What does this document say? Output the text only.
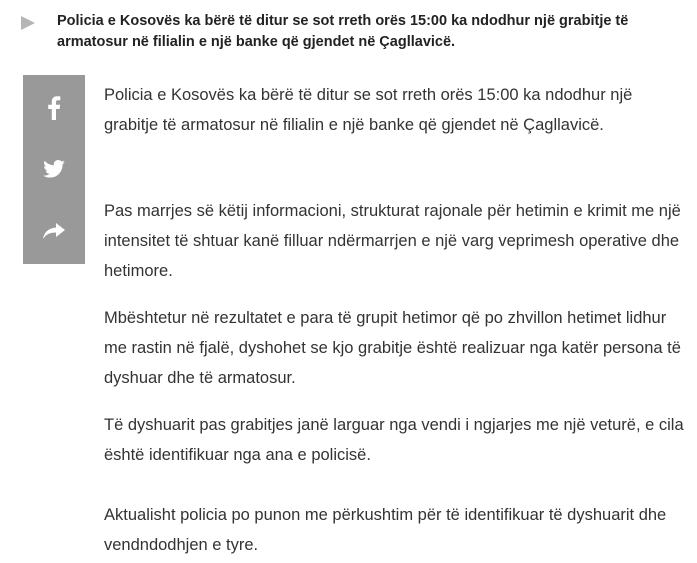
Policia e Kosovës ka bërë të ditur se sot rreth orës 15:00 ka ndodhur një grabitje të armatosur në filialin e një banke që gjendet në Çagllavicë.

Policia e Kosovës ka bërë të ditur se sot rreth orës 15:00 ka ndodhur një grabitje të armatosur në filialin e një banke që gjendet në Çagllavicë.

Pas marrjes së këtij informacioni, strukturat rajonale për hetimin e krimit me një intensitet të shtuar kanë filluar ndërmarrjen e një varg veprimesh operative dhe hetimore.

Mbështetur në rezultatet e para të grupit hetimor që po zhvillon hetimet lidhur me rastin në fjalë, dyshohet se kjo grabitje është realizuar nga katër persona të dyshuar dhe të armatosur.

Të dyshuarit pas grabitjes janë larguar nga vendi i ngjarjes me një veturë, e cila është identifikuar nga ana e policisë.

Aktualisht policia po punon me përkushtim për të identifikuar të dyshuarit dhe vendndodhjen e tyre.
